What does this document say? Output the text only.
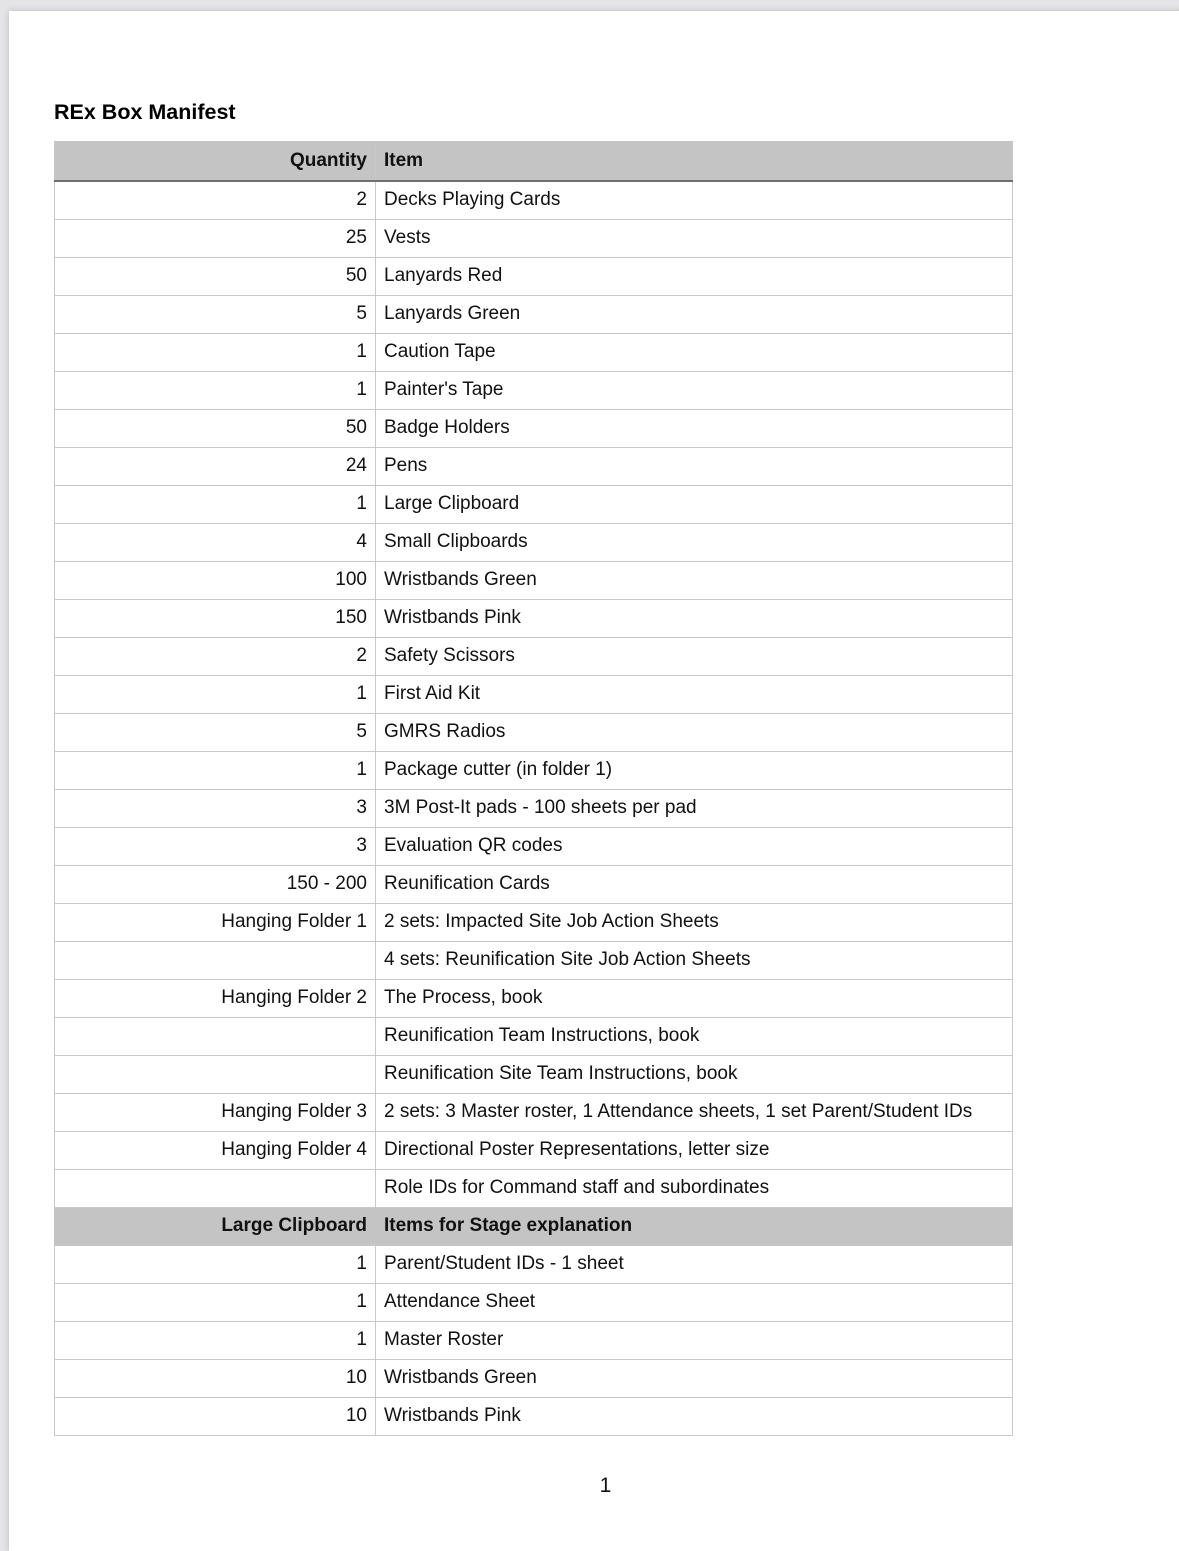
REx Box Manifest
Quantity	Item
2	Decks Playing Cards
25	Vests
50	Lanyards Red
5	Lanyards Green
1	Caution Tape
1	Painter's Tape
50	Badge Holders
24	Pens
1	Large Clipboard
4	Small Clipboards
100	Wristbands Green
150	Wristbands Pink
2	Safety Scissors
1	First Aid Kit
5	GMRS Radios
1	Package cutter (in folder 1)
3	3M Post-It pads - 100 sheets per pad
3	Evaluation QR codes
150 - 200	Reunification Cards
Hanging Folder 1	2 sets: Impacted Site Job Action Sheets
	4 sets: Reunification Site Job Action Sheets
Hanging Folder 2	The Process, book
	Reunification Team Instructions, book
	Reunification Site Team Instructions, book
Hanging Folder 3	2 sets: 3 Master roster, 1 Attendance sheets, 1 set Parent/Student IDs
Hanging Folder 4	Directional Poster Representations, letter size
	Role IDs for Command staff and subordinates
Large Clipboard	Items for Stage explanation
1	Parent/Student IDs - 1 sheet
1	Attendance Sheet
1	Master Roster
10	Wristbands Green
10	Wristbands Pink
1
